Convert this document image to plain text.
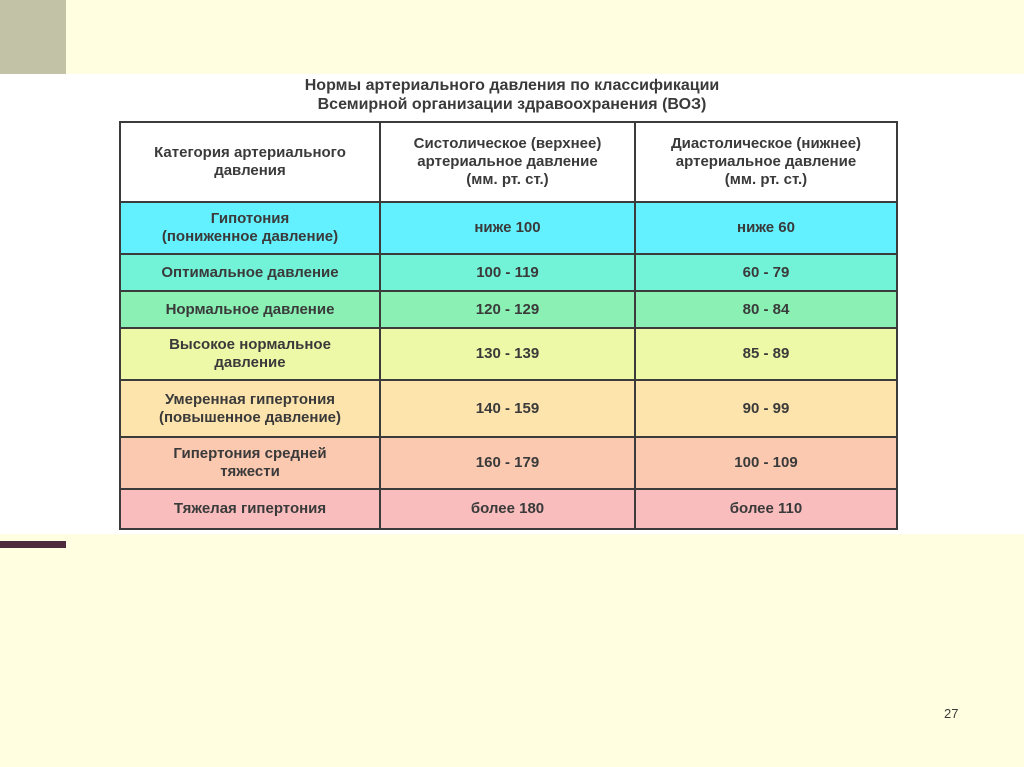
Нормы артериального давления по классификации
Всемирной организации здравоохранения (ВОЗ)
Категория артериального
давления	Систолическое (верхнее)
артериальное давление
(мм. рт. ст.)	Диастолическое (нижнее)
артериальное давление
(мм. рт. ст.)

Гипотония
(пониженное давление)	ниже 100	ниже 60
Оптимальное давление	100 - 119	60 - 79
Нормальное давление	120 - 129	80 - 84

Высокое нормальное
давление	130 - 139	85 - 89

Умеренная гипертония
(повышенное давление)	140 - 159	90 - 99

Гипертония средней
тяжести	160 - 179	100 - 109
Тяжелая гипертония	более 180	более 110
27
